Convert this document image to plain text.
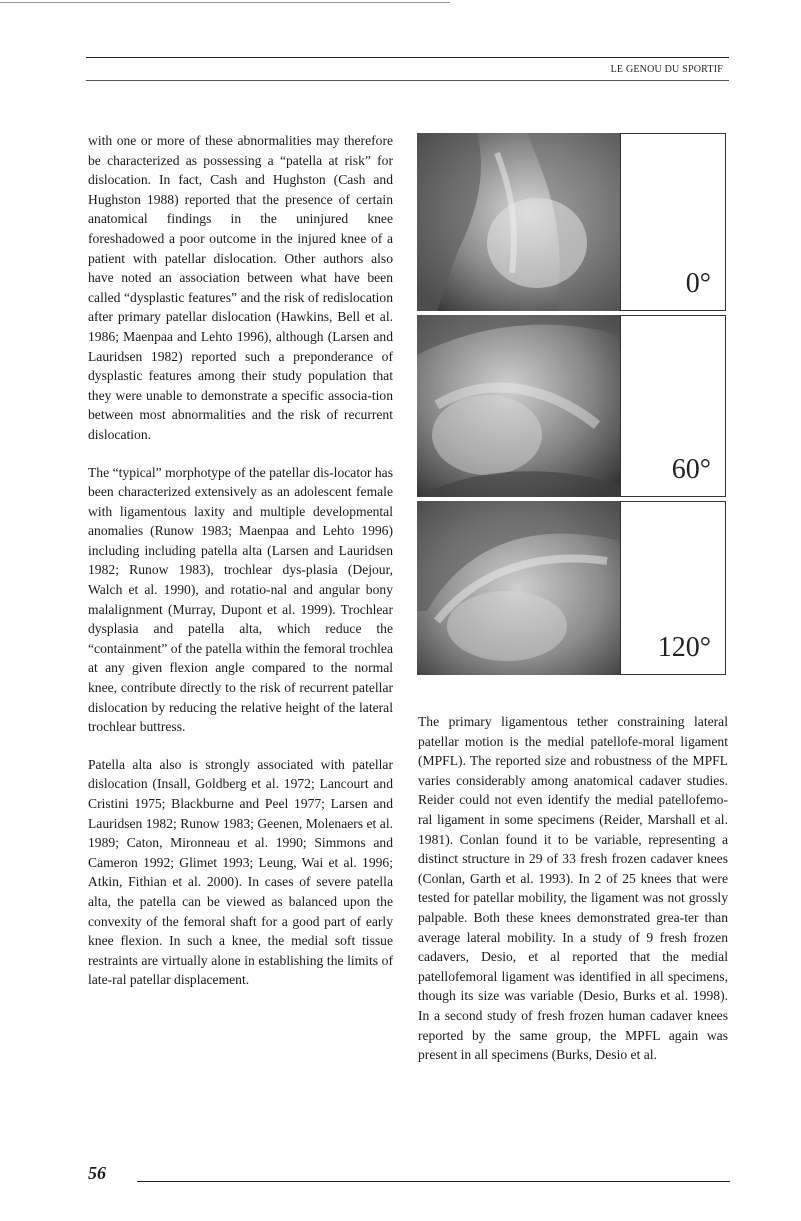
LE GENOU DU SPORTIF

with one or more of these abnormalities may therefore be characterized as possessing a “patella at risk” for dislocation. In fact, Cash and Hughston (Cash and Hughston 1988) reported that the presence of certain anatomical findings in the uninjured knee foreshadowed a poor outcome in the injured knee of a patient with patellar dislocation. Other authors also have noted an association between what have been called “dysplastic features” and the risk of redislocation after primary patellar dislocation (Hawkins, Bell et al. 1986; Maenpaa and Lehto 1996), although (Larsen and Lauridsen 1982) reported such a preponderance of dysplastic features among their study population that they were unable to demonstrate a specific associa-tion between most abnormalities and the risk of recurrent dislocation.

The “typical” morphotype of the patellar dis-locator has been characterized extensively as an adolescent female with ligamentous laxity and multiple developmental anomalies (Runow 1983; Maenpaa and Lehto 1996) including including patella alta (Larsen and Lauridsen 1982; Runow 1983), trochlear dys-plasia (Dejour, Walch et al. 1990), and rotatio-nal and angular bony malalignment (Murray, Dupont et al. 1999). Trochlear dysplasia and patella alta, which reduce the “containment” of the patella within the femoral trochlea at any given flexion angle compared to the normal knee, contribute directly to the risk of recurrent patellar dislocation by reducing the relative height of the lateral trochlear buttress.

Patella alta also is strongly associated with patellar dislocation (Insall, Goldberg et al. 1972; Lancourt and Cristini 1975; Blackburne and Peel 1977; Larsen and Lauridsen 1982; Runow 1983; Geenen, Molenaers et al. 1989; Caton, Mironneau et al. 1990; Simmons and Cameron 1992; Glimet 1993; Leung, Wai et al. 1996; Atkin, Fithian et al. 2000). In cases of severe patella alta, the patella can be viewed as balanced upon the convexity of the femoral shaft for a good part of early knee flexion. In such a knee, the medial soft tissue restraints are virtually alone in establishing the limits of late-ral patellar displacement.

0°
60°
120°

The primary ligamentous tether constraining lateral patellar motion is the medial patellofe-moral ligament (MPFL). The reported size and robustness of the MPFL varies considerably among anatomical cadaver studies. Reider could not even identify the medial patellofemo-ral ligament in some specimens (Reider, Marshall et al. 1981). Conlan found it to be variable, representing a distinct structure in 29 of 33 fresh frozen cadaver knees (Conlan, Garth et al. 1993). In 2 of 25 knees that were tested for patellar mobility, the ligament was not grossly palpable. Both these knees demonstrated grea-ter than average lateral mobility. In a study of 9 fresh frozen cadavers, Desio, et al reported that the medial patellofemoral ligament was identified in all specimens, though its size was variable (Desio, Burks et al. 1998). In a second study of fresh frozen human cadaver knees reported by the same group, the MPFL again was present in all specimens (Burks, Desio et al.

56
